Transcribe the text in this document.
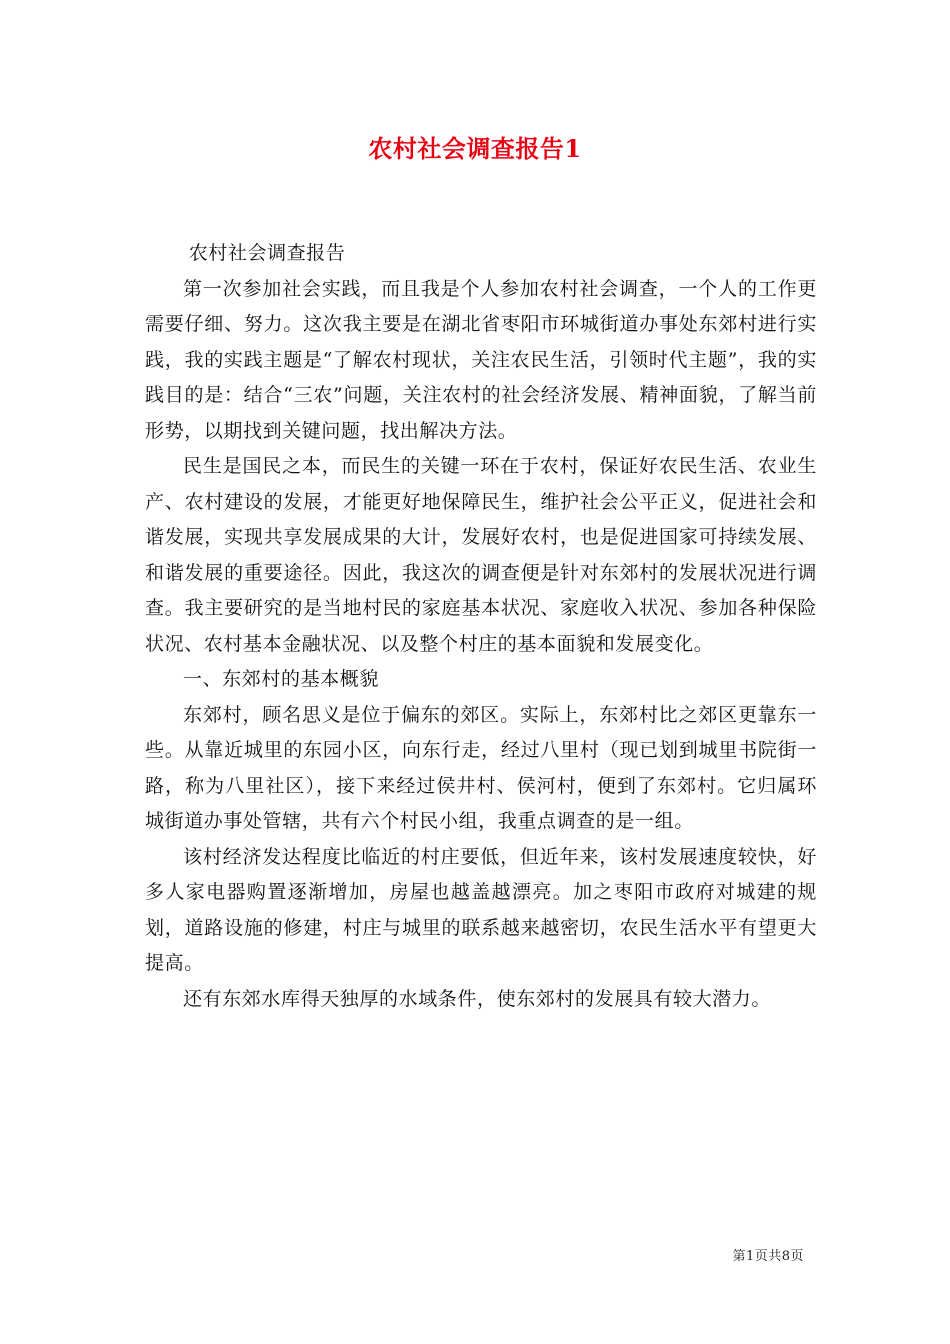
农村社会调查报告1

农村社会调查报告

第一次参加社会实践，而且我是个人参加农村社会调查，一个人的工作更需要仔细、努力。这次我主要是在湖北省枣阳市环城街道办事处东郊村进行实践，我的实践主题是“了解农村现状，关注农民生活，引领时代主题”，我的实践目的是：结合“三农”问题，关注农村的社会经济发展、精神面貌，了解当前形势，以期找到关键问题，找出解决方法。

民生是国民之本，而民生的关键一环在于农村，保证好农民生活、农业生产、农村建设的发展，才能更好地保障民生，维护社会公平正义，促进社会和谐发展，实现共享发展成果的大计，发展好农村，也是促进国家可持续发展、和谐发展的重要途径。因此，我这次的调查便是针对东郊村的发展状况进行调查。我主要研究的是当地村民的家庭基本状况、家庭收入状况、参加各种保险状况、农村基本金融状况、以及整个村庄的基本面貌和发展变化。

一、东郊村的基本概貌

东郊村，顾名思义是位于偏东的郊区。实际上，东郊村比之郊区更靠东一些。从靠近城里的东园小区，向东行走，经过八里村（现已划到城里书院街一路，称为八里社区），接下来经过侯井村、侯河村，便到了东郊村。它归属环城街道办事处管辖，共有六个村民小组，我重点调查的是一组。

该村经济发达程度比临近的村庄要低，但近年来，该村发展速度较快，好多人家电器购置逐渐增加，房屋也越盖越漂亮。加之枣阳市政府对城建的规划，道路设施的修建，村庄与城里的联系越来越密切，农民生活水平有望更大提高。

还有东郊水库得天独厚的水域条件，使东郊村的发展具有较大潜力。

第1页共8页
